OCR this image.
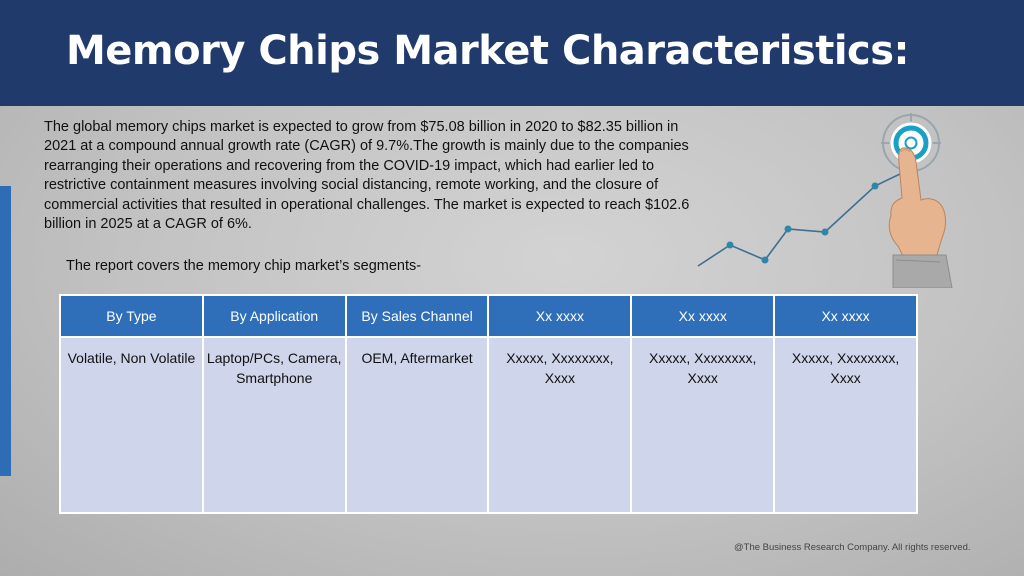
Memory Chips Market Characteristics:

The global memory chips market is expected to grow from $75.08 billion in 2020 to $82.35 billion in 2021 at a compound annual growth rate (CAGR) of 9.7%.The growth is mainly due to the companies rearranging their operations and recovering from the COVID-19 impact, which had earlier led to restrictive containment measures involving social distancing, remote working, and the closure of commercial activities that resulted in operational challenges. The market is expected to reach $102.6 billion in 2025 at a CAGR of 6%.

The report covers the memory chip market’s segments-

By Type	By Application	By Sales Channel	Xx xxxx	Xx xxxx	Xx xxxx
Volatile, Non Volatile	Laptop/PCs, Camera, Smartphone	OEM, Aftermarket	Xxxxx, Xxxxxxxx, Xxxx	Xxxxx, Xxxxxxxx, Xxxx	Xxxxx, Xxxxxxxx, Xxxx

@The Business Research Company. All rights reserved.
